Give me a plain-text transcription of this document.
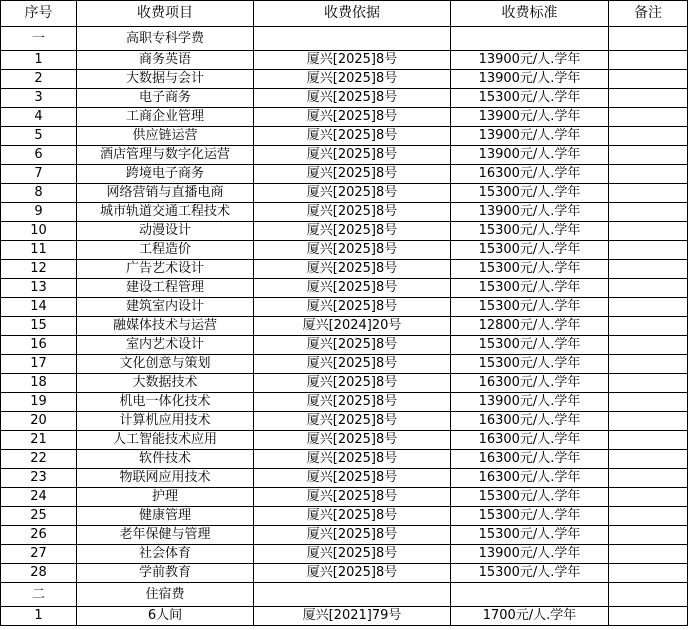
序号	收费项目	收费依据	收费标准	备注
一	高职专科学费			
1	商务英语	厦兴[2025]8号	13900元/人.学年	
2	大数据与会计	厦兴[2025]8号	13900元/人.学年	
3	电子商务	厦兴[2025]8号	15300元/人.学年	
4	工商企业管理	厦兴[2025]8号	13900元/人.学年	
5	供应链运营	厦兴[2025]8号	13900元/人.学年	
6	酒店管理与数字化运营	厦兴[2025]8号	13900元/人.学年	
7	跨境电子商务	厦兴[2025]8号	16300元/人.学年	
8	网络营销与直播电商	厦兴[2025]8号	15300元/人.学年	
9	城市轨道交通工程技术	厦兴[2025]8号	13900元/人.学年	
10	动漫设计	厦兴[2025]8号	15300元/人.学年	
11	工程造价	厦兴[2025]8号	15300元/人.学年	
12	广告艺术设计	厦兴[2025]8号	15300元/人.学年	
13	建设工程管理	厦兴[2025]8号	15300元/人.学年	
14	建筑室内设计	厦兴[2025]8号	15300元/人.学年	
15	融媒体技术与运营	厦兴[2024]20号	12800元/人.学年	
16	室内艺术设计	厦兴[2025]8号	15300元/人.学年	
17	文化创意与策划	厦兴[2025]8号	15300元/人.学年	
18	大数据技术	厦兴[2025]8号	16300元/人.学年	
19	机电一体化技术	厦兴[2025]8号	13900元/人.学年	
20	计算机应用技术	厦兴[2025]8号	16300元/人.学年	
21	人工智能技术应用	厦兴[2025]8号	16300元/人.学年	
22	软件技术	厦兴[2025]8号	16300元/人.学年	
23	物联网应用技术	厦兴[2025]8号	16300元/人.学年	
24	护理	厦兴[2025]8号	15300元/人.学年	
25	健康管理	厦兴[2025]8号	15300元/人.学年	
26	老年保健与管理	厦兴[2025]8号	15300元/人.学年	
27	社会体育	厦兴[2025]8号	13900元/人.学年	
28	学前教育	厦兴[2025]8号	15300元/人.学年	
二	住宿费			
1	6人间	厦兴[2021]79号	1700元/人.学年	
